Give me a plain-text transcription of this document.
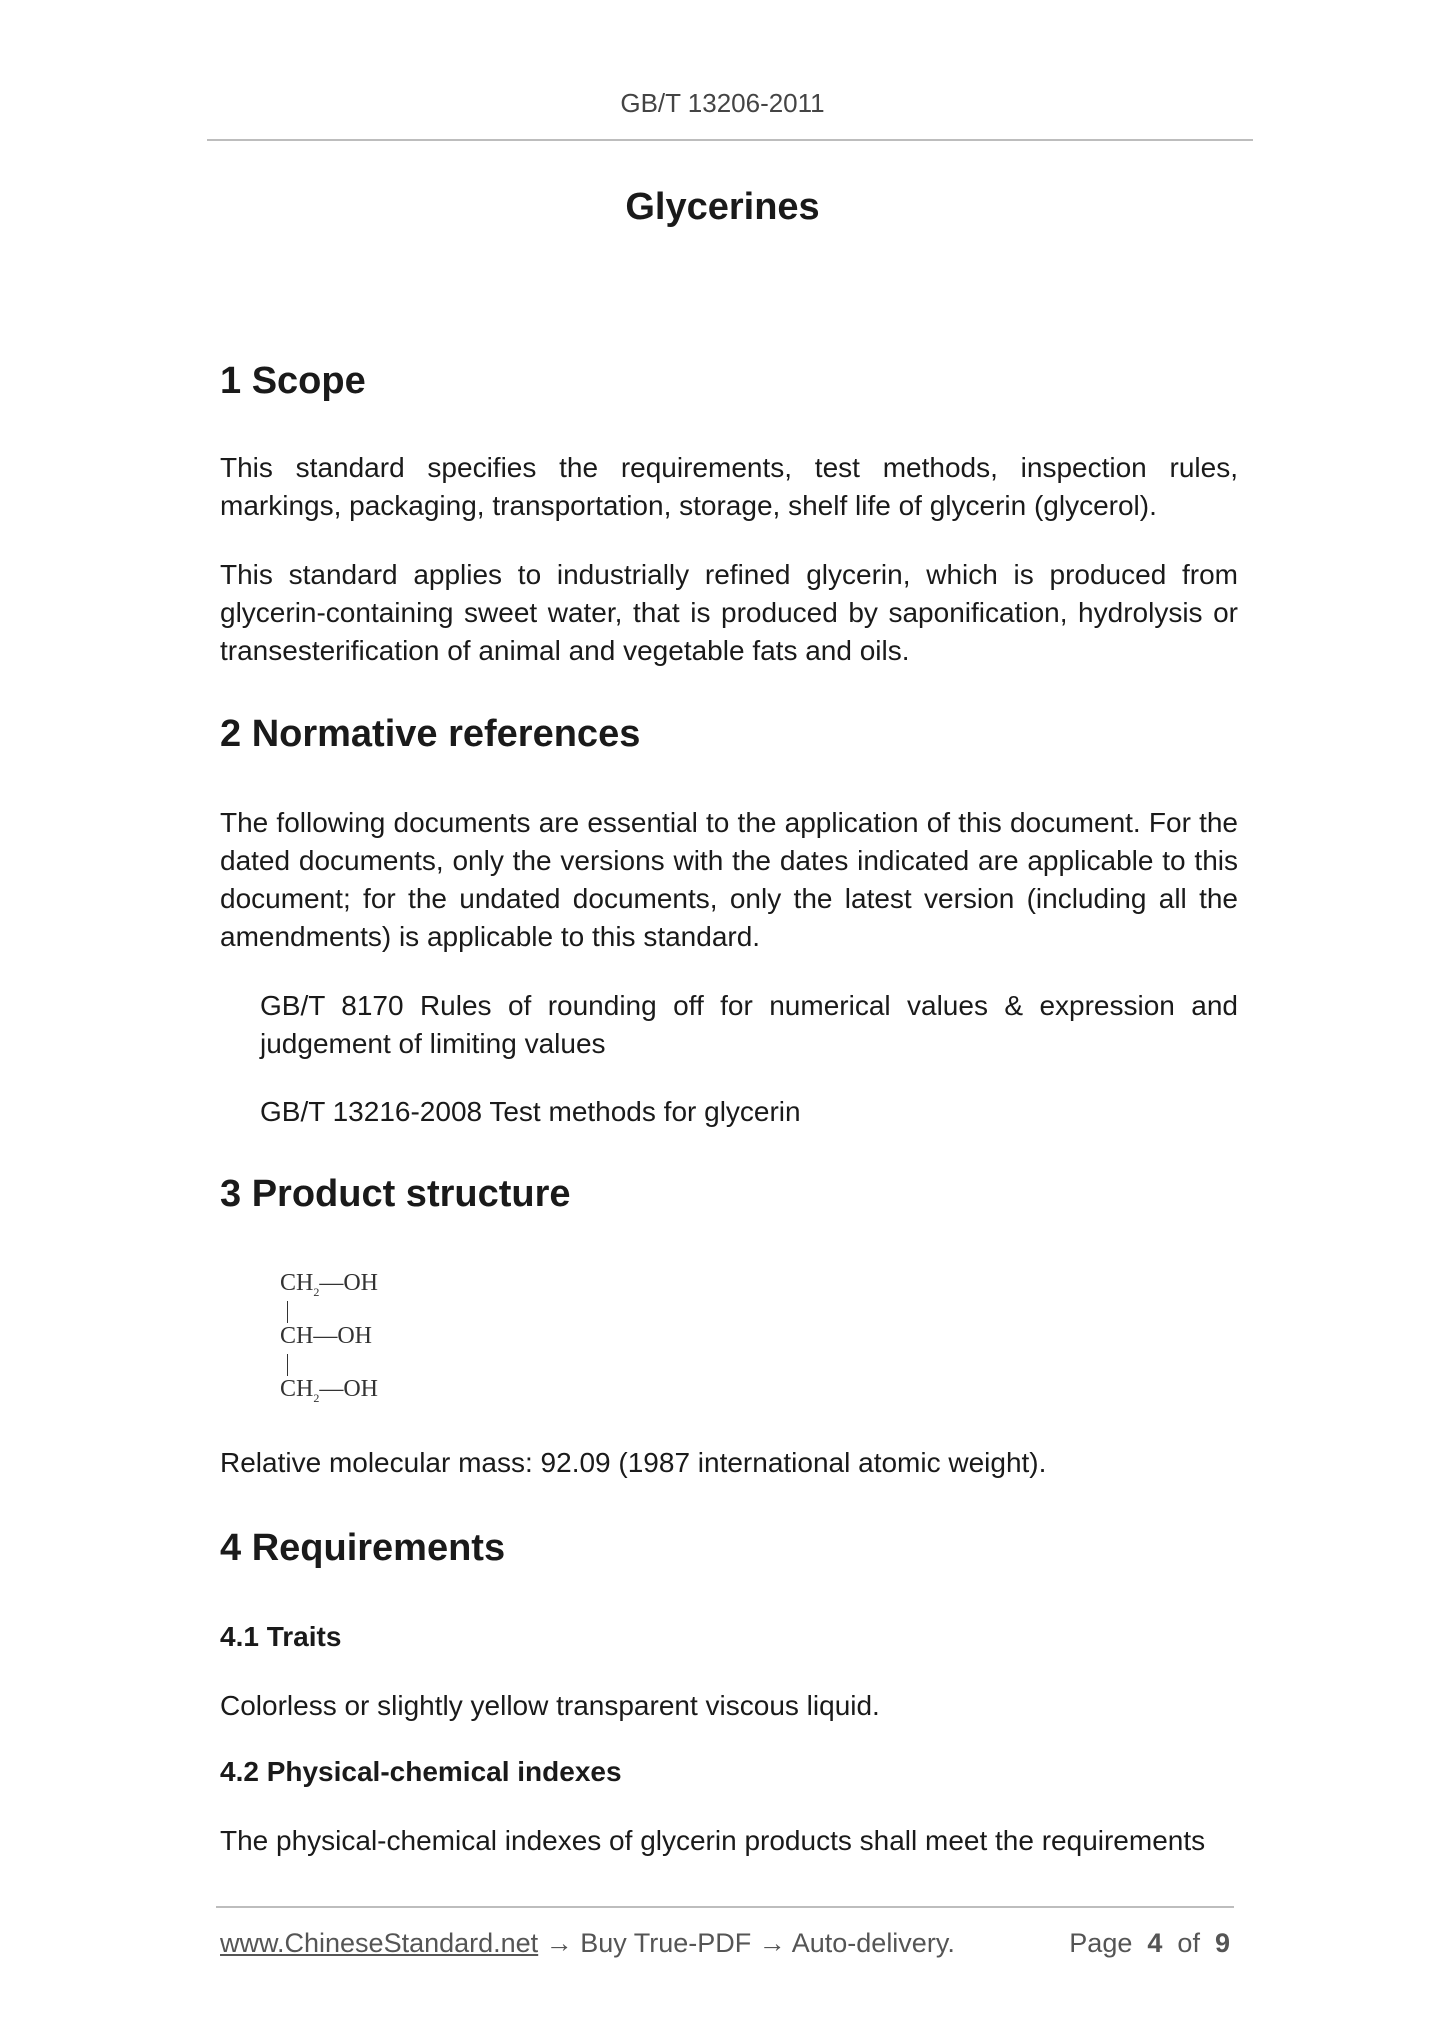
GB/T 13206-2011
Glycerines
1 Scope

This standard specifies the requirements, test methods, inspection rules, markings, packaging, transportation, storage, shelf life of glycerin (glycerol).

This standard applies to industrially refined glycerin, which is produced from glycerin-containing sweet water, that is produced by saponification, hydrolysis or transesterification of animal and vegetable fats and oils.

2 Normative references

The following documents are essential to the application of this document. For the dated documents, only the versions with the dates indicated are applicable to this document; for the undated documents, only the latest version (including all the amendments) is applicable to this standard.

GB/T 8170 Rules of rounding off for numerical values & expression and judgement of limiting values

GB/T 13216-2008 Test methods for glycerin

3 Product structure
$CH_2—OH$
CH—OH
$CH_2—OH$

Relative molecular mass: 92.09 (1987 international atomic weight).

4 Requirements
4.1 Traits

Colorless or slightly yellow transparent viscous liquid.

4.2 Physical-chemical indexes

The physical-chemical indexes of glycerin products shall meet the requirements

www.ChineseStandard.net → Buy True-PDF → Auto-delivery.	Page 4 of 9
